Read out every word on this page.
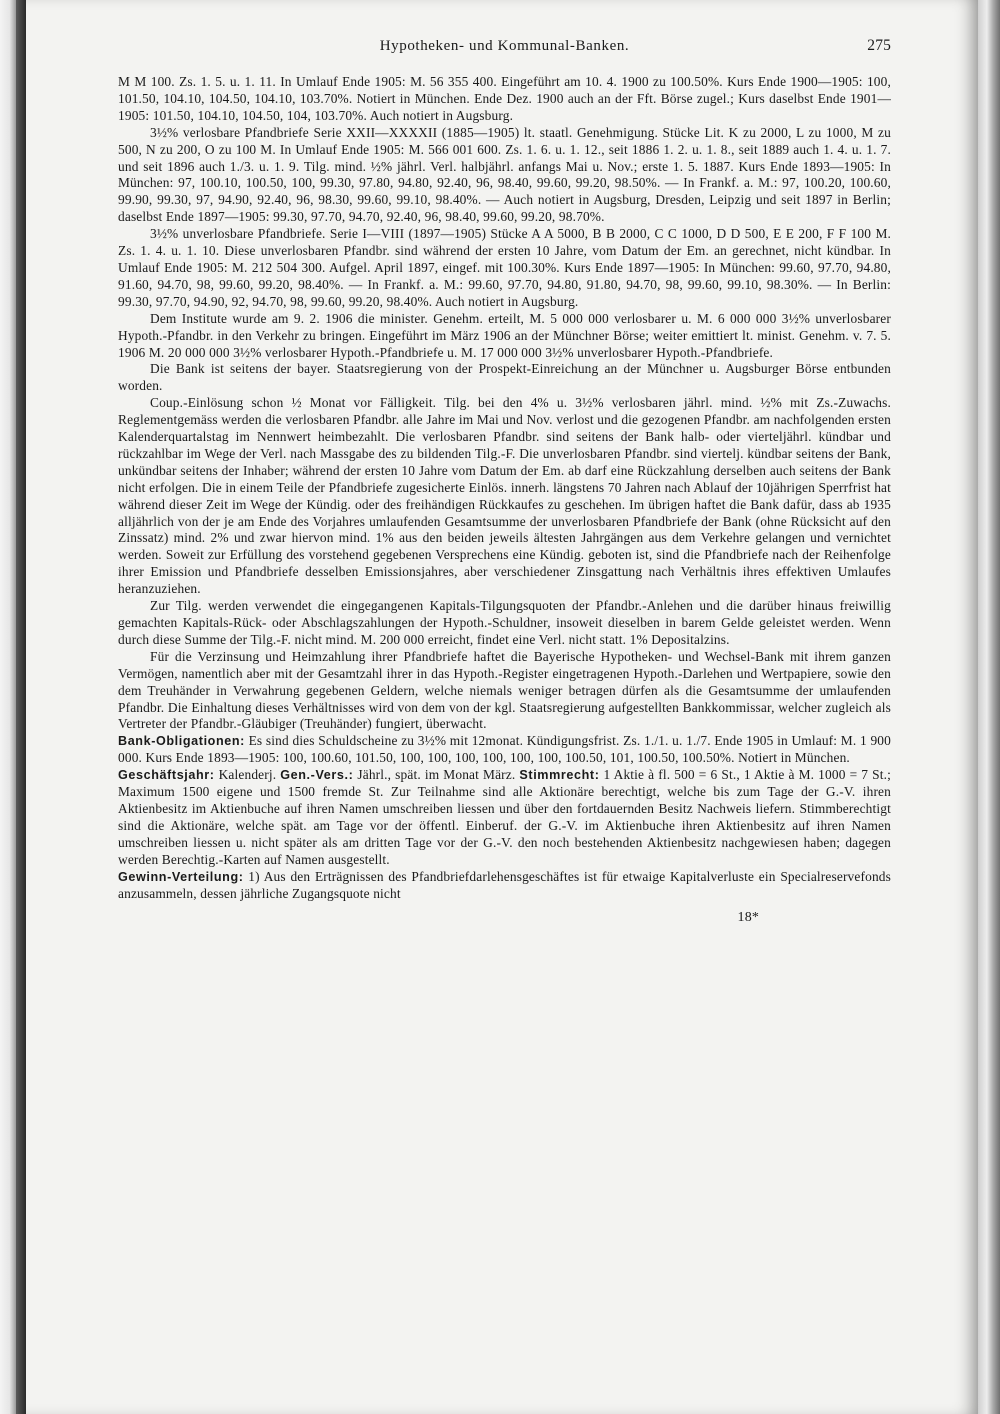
Hypotheken- und Kommunal-Banken.	275

M M 100. Zs. 1. 5. u. 1. 11. In Umlauf Ende 1905: M. 56 355 400. Eingeführt am 10. 4. 1900 zu 100.50%. Kurs Ende 1900—1905: 100, 101.50, 104.10, 104.50, 104.10, 103.70%. Notiert in München. Ende Dez. 1900 auch an der Fft. Börse zugel.; Kurs daselbst Ende 1901—1905: 101.50, 104.10, 104.50, 104, 103.70%. Auch notiert in Augsburg.

3½% verlosbare Pfandbriefe Serie XXII—XXXXII (1885—1905) lt. staatl. Genehmigung. Stücke Lit. K zu 2000, L zu 1000, M zu 500, N zu 200, O zu 100 M. In Umlauf Ende 1905: M. 566 001 600. Zs. 1. 6. u. 1. 12., seit 1886 1. 2. u. 1. 8., seit 1889 auch 1. 4. u. 1. 7. und seit 1896 auch 1./3. u. 1. 9. Tilg. mind. ½% jährl. Verl. halbjährl. anfangs Mai u. Nov.; erste 1. 5. 1887. Kurs Ende 1893—1905: In München: 97, 100.10, 100.50, 100, 99.30, 97.80, 94.80, 92.40, 96, 98.40, 99.60, 99.20, 98.50%. — In Frankf. a. M.: 97, 100.20, 100.60, 99.90, 99.30, 97, 94.90, 92.40, 96, 98.30, 99.60, 99.10, 98.40%. — Auch notiert in Augsburg, Dresden, Leipzig und seit 1897 in Berlin; daselbst Ende 1897—1905: 99.30, 97.70, 94.70, 92.40, 96, 98.40, 99.60, 99.20, 98.70%.

3½% unverlosbare Pfandbriefe. Serie I—VIII (1897—1905) Stücke A A 5000, B B 2000, C C 1000, D D 500, E E 200, F F 100 M. Zs. 1. 4. u. 1. 10. Diese unverlosbaren Pfandbr. sind während der ersten 10 Jahre, vom Datum der Em. an gerechnet, nicht kündbar. In Umlauf Ende 1905: M. 212 504 300. Aufgel. April 1897, eingef. mit 100.30%. Kurs Ende 1897—1905: In München: 99.60, 97.70, 94.80, 91.60, 94.70, 98, 99.60, 99.20, 98.40%. — In Frankf. a. M.: 99.60, 97.70, 94.80, 91.80, 94.70, 98, 99.60, 99.10, 98.30%. — In Berlin: 99.30, 97.70, 94.90, 92, 94.70, 98, 99.60, 99.20, 98.40%. Auch notiert in Augsburg.

Dem Institute wurde am 9. 2. 1906 die minister. Genehm. erteilt, M. 5 000 000 verlosbarer u. M. 6 000 000 3½% unverlosbarer Hypoth.-Pfandbr. in den Verkehr zu bringen. Eingeführt im März 1906 an der Münchner Börse; weiter emittiert lt. minist. Genehm. v. 7. 5. 1906 M. 20 000 000 3½% verlosbarer Hypoth.-Pfandbriefe u. M. 17 000 000 3½% unverlosbarer Hypoth.-Pfandbriefe.

Die Bank ist seitens der bayer. Staatsregierung von der Prospekt-Einreichung an der Münchner u. Augsburger Börse entbunden worden.

Coup.-Einlösung schon ½ Monat vor Fälligkeit. Tilg. bei den 4% u. 3½% verlosbaren jährl. mind. ½% mit Zs.-Zuwachs. Reglementgemäss werden die verlosbaren Pfandbr. alle Jahre im Mai und Nov. verlost und die gezogenen Pfandbr. am nachfolgenden ersten Kalenderquartalstag im Nennwert heimbezahlt. Die verlosbaren Pfandbr. sind seitens der Bank halb- oder vierteljährl. kündbar und rückzahlbar im Wege der Verl. nach Massgabe des zu bildenden Tilg.-F. Die unverlosbaren Pfandbr. sind viertelj. kündbar seitens der Bank, unkündbar seitens der Inhaber; während der ersten 10 Jahre vom Datum der Em. ab darf eine Rückzahlung derselben auch seitens der Bank nicht erfolgen. Die in einem Teile der Pfandbriefe zugesicherte Einlös. innerh. längstens 70 Jahren nach Ablauf der 10jährigen Sperrfrist hat während dieser Zeit im Wege der Kündig. oder des freihändigen Rückkaufes zu geschehen. Im übrigen haftet die Bank dafür, dass ab 1935 alljährlich von der je am Ende des Vorjahres umlaufenden Gesamtsumme der unverlosbaren Pfandbriefe der Bank (ohne Rücksicht auf den Zinssatz) mind. 2% und zwar hiervon mind. 1% aus den beiden jeweils ältesten Jahrgängen aus dem Verkehre gelangen und vernichtet werden. Soweit zur Erfüllung des vorstehend gegebenen Versprechens eine Kündig. geboten ist, sind die Pfandbriefe nach der Reihenfolge ihrer Emission und Pfandbriefe desselben Emissionsjahres, aber verschiedener Zinsgattung nach Verhältnis ihres effektiven Umlaufes heranzuziehen.

Zur Tilg. werden verwendet die eingegangenen Kapitals-Tilgungsquoten der Pfandbr.-Anlehen und die darüber hinaus freiwillig gemachten Kapitals-Rück- oder Abschlagszahlungen der Hypoth.-Schuldner, insoweit dieselben in barem Gelde geleistet werden. Wenn durch diese Summe der Tilg.-F. nicht mind. M. 200 000 erreicht, findet eine Verl. nicht statt. 1% Depositalzins.

Für die Verzinsung und Heimzahlung ihrer Pfandbriefe haftet die Bayerische Hypotheken- und Wechsel-Bank mit ihrem ganzen Vermögen, namentlich aber mit der Gesamtzahl ihrer in das Hypoth.-Register eingetragenen Hypoth.-Darlehen und Wertpapiere, sowie den dem Treuhänder in Verwahrung gegebenen Geldern, welche niemals weniger betragen dürfen als die Gesamtsumme der umlaufenden Pfandbr. Die Einhaltung dieses Verhältnisses wird von dem von der kgl. Staatsregierung aufgestellten Bankkommissar, welcher zugleich als Vertreter der Pfandbr.-Gläubiger (Treuhänder) fungiert, überwacht.

Bank-Obligationen: Es sind dies Schuldscheine zu 3½% mit 12monat. Kündigungsfrist. Zs. 1./1. u. 1./7. Ende 1905 in Umlauf: M. 1 900 000. Kurs Ende 1893—1905: 100, 100.60, 101.50, 100, 100, 100, 100, 100, 100, 100.50, 101, 100.50, 100.50%. Notiert in München.

Geschäftsjahr: Kalenderj. Gen.-Vers.: Jährl., spät. im Monat März. Stimmrecht: 1 Aktie à fl. 500 = 6 St., 1 Aktie à M. 1000 = 7 St.; Maximum 1500 eigene und 1500 fremde St. Zur Teilnahme sind alle Aktionäre berechtigt, welche bis zum Tage der G.-V. ihren Aktienbesitz im Aktienbuche auf ihren Namen umschreiben liessen und über den fortdauernden Besitz Nachweis liefern. Stimmberechtigt sind die Aktionäre, welche spät. am Tage vor der öffentl. Einberuf. der G.-V. im Aktienbuche ihren Aktienbesitz auf ihren Namen umschreiben liessen u. nicht später als am dritten Tage vor der G.-V. den noch bestehenden Aktienbesitz nachgewiesen haben; dagegen werden Berechtig.-Karten auf Namen ausgestellt.

Gewinn-Verteilung: 1) Aus den Erträgnissen des Pfandbriefdarlehensgeschäftes ist für etwaige Kapitalverluste ein Specialreservefonds anzusammeln, dessen jährliche Zugangsquote nicht

18*
